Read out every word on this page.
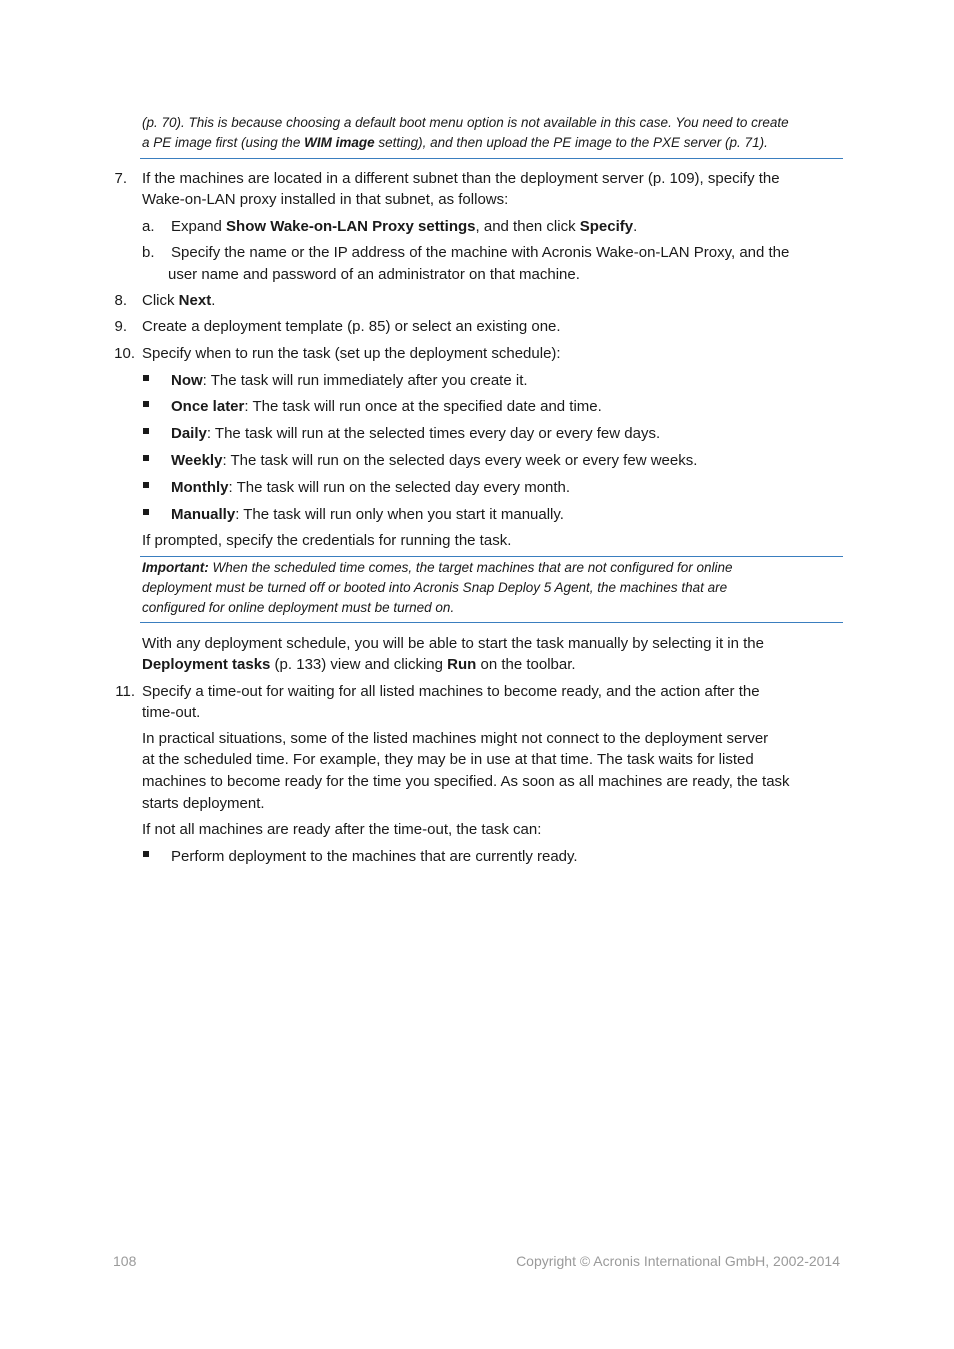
(p. 70). This is because choosing a default boot menu option is not available in this case. You need to create
a PE image first (using the WIM image setting), and then upload the PE image to the PXE server (p. 71).
7. If the machines are located in a different subnet than the deployment server (p. 109), specify the
Wake-on-LAN proxy installed in that subnet, as follows:
a. Expand Show Wake-on-LAN Proxy settings, and then click Specify.
b. Specify the name or the IP address of the machine with Acronis Wake-on-LAN Proxy, and the
user name and password of an administrator on that machine.
8. Click Next.
9. Create a deployment template (p. 85) or select an existing one.
10. Specify when to run the task (set up the deployment schedule):
Now: The task will run immediately after you create it.
Once later: The task will run once at the specified date and time.
Daily: The task will run at the selected times every day or every few days.
Weekly: The task will run on the selected days every week or every few weeks.
Monthly: The task will run on the selected day every month.
Manually: The task will run only when you start it manually.
If prompted, specify the credentials for running the task.
Important: When the scheduled time comes, the target machines that are not configured for online
deployment must be turned off or booted into Acronis Snap Deploy 5 Agent, the machines that are
configured for online deployment must be turned on.
With any deployment schedule, you will be able to start the task manually by selecting it in the
Deployment tasks (p. 133) view and clicking Run on the toolbar.
11. Specify a time-out for waiting for all listed machines to become ready, and the action after the
time-out.
In practical situations, some of the listed machines might not connect to the deployment server
at the scheduled time. For example, they may be in use at that time. The task waits for listed
machines to become ready for the time you specified. As soon as all machines are ready, the task
starts deployment.
If not all machines are ready after the time-out, the task can:
Perform deployment to the machines that are currently ready.
108	Copyright © Acronis International GmbH, 2002-2014
